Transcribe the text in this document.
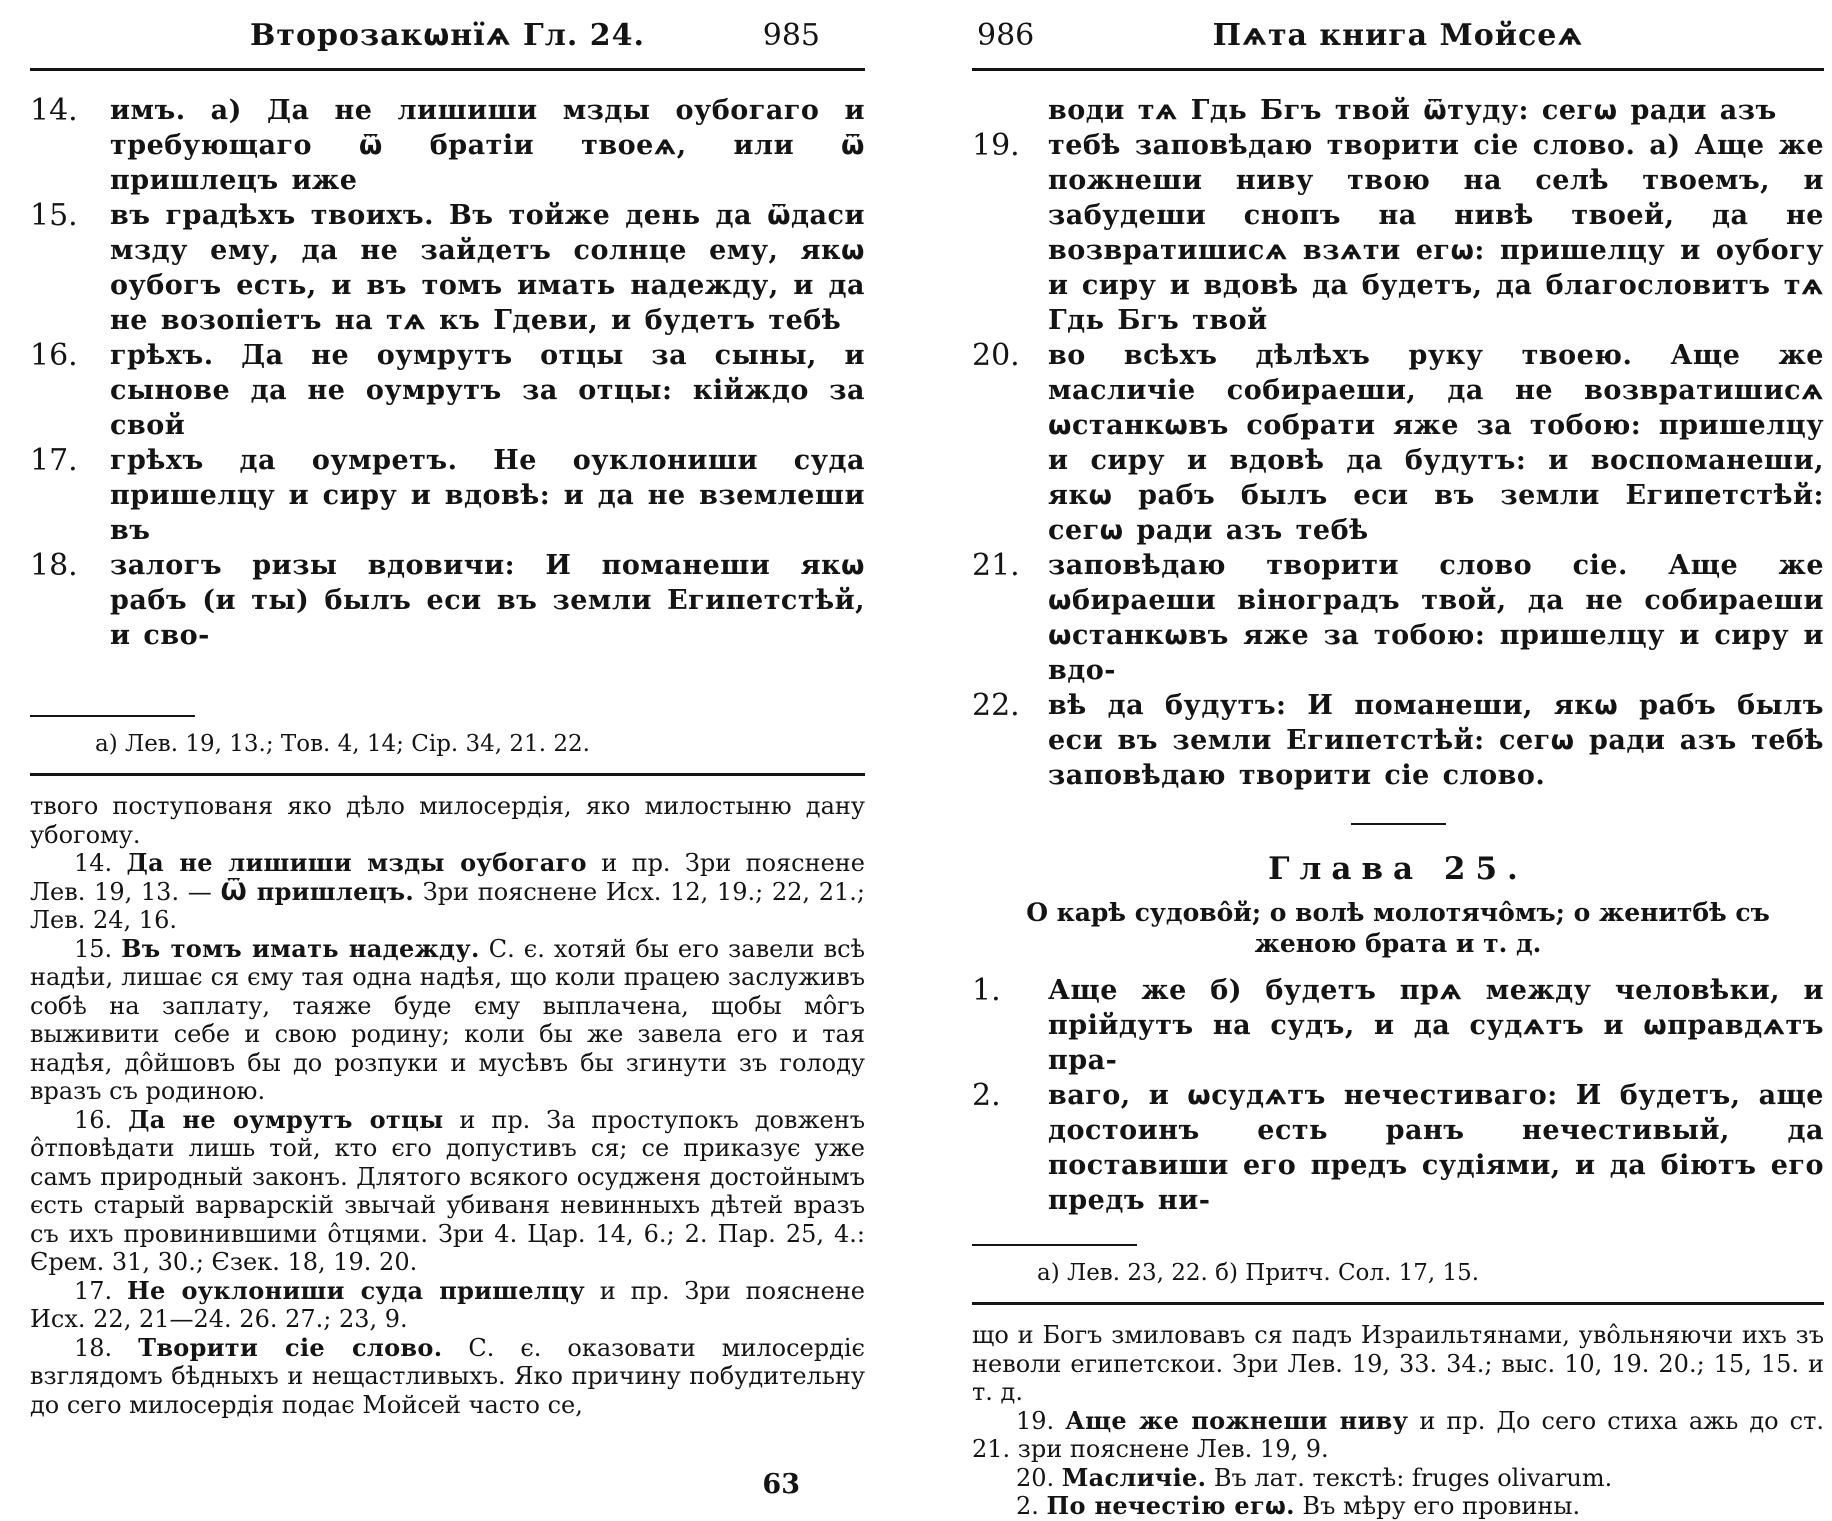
Второзакѡнїѧ Гл. 24.	985
14.	имъ. а) Да не лишиши мзды оубогаго и требующаго ѿ братіи твоеѧ, или ѿ пришлецъ иже
15.	въ градѣхъ твоихъ. Въ тойже день да ѿдаси мзду ему, да не зайдетъ солнце ему, якѡ оубогъ есть, и въ томъ имать надежду, и да не возопіетъ на тѧ къ Гдеви, и будетъ тебѣ
16.	грѣхъ. Да не оумрутъ отцы за сыны, и сынове да не оумрутъ за отцы: кійждо за свой
17.	грѣхъ да оумретъ. Не оуклониши суда пришелцу и сиру и вдовѣ: и да не вземлеши въ
18.	залогъ ризы вдовичи: И поманеши якѡ рабъ (и ты) былъ еси въ земли Египетстѣй, и сво-
а) Лев. 19, 13.; Тов. 4, 14; Сір. 34, 21. 22.

твого поступованя яко дѣло милосердія, яко милостыню дану убогому.

14. Да не лишиши мзды оубогаго и пр. Зри пояснене Лев. 19, 13. — Ѿ пришлецъ. Зри пояснене Исх. 12, 19.; 22, 21.; Лев. 24, 16.

15. Въ томъ имать надежду. С. є. хотяй бы его завели всѣ надѣи, лишає ся єму тая одна надѣя, що коли працею заслуживъ собѣ на заплату, таяже буде єму выплачена, щобы мôгъ выживити себе и свою родину; коли бы же завела его и тая надѣя, дôйшовъ бы до розпуки и мусѣвъ бы згинути зъ голоду вразъ съ родиною.

16. Да не оумрутъ отцы и пр. За проступокъ довженъ ôтповѣдати лишь той, кто єго допустивъ ся; се приказує уже самъ природный законъ. Длятого всякого осудженя достойнымъ єсть старый варварскій звычай убиваня невинныхъ дѣтей вразъ съ ихъ провинившими ôтцями. Зри 4. Цар. 14, 6.; 2. Пар. 25, 4.: Єрем. 31, 30.; Єзек. 18, 19. 20.

17. Не оуклониши суда пришелцу и пр. Зри пояснене Исх. 22, 21—24. 26. 27.; 23, 9.

18. Творити сіе слово. С. є. оказовати милосердіє взглядомъ бѣдныхъ и нещастливыхъ. Яко причину побудительну до сего милосердія подає Мойсей часто се,

63
986	Пѧта книга Мойсеѧ
води тѧ Гдь Бгъ твой ѿтуду: сегѡ ради азъ
19.	тебѣ заповѣдаю творити сіе слово. а) Аще же пожнеши ниву твою на селѣ твоемъ, и забудеши снопъ на нивѣ твоей, да не возвратишисѧ взѧти егѡ: пришелцу и оубогу и сиру и вдовѣ да будетъ, да благословитъ тѧ Гдь Бгъ твой
20.	во всѣхъ дѣлѣхъ руку твоею. Аще же масличіе собираеши, да не возвратишисѧ ѡстанкѡвъ собрати яже за тобою: пришелцу и сиру и вдовѣ да будутъ: и воспоманеши, якѡ рабъ былъ еси въ земли Египетстѣй: сегѡ ради азъ тебѣ
21.	заповѣдаю творити слово сіе. Аще же ѡбираеши віноградъ твой, да не собираеши ѡстанкѡвъ яже за тобою: пришелцу и сиру и вдо-
22.	вѣ да будутъ: И поманеши, якѡ рабъ былъ еси въ земли Египетстѣй: сегѡ ради азъ тебѣ заповѣдаю творити сіе слово.
Глава 25.
О карѣ судовôй; о волѣ молотячôмъ; о женитбѣ съ женою брата и т. д.
1.	Аще же б) будетъ прѧ между человѣки, и прійдутъ на судъ, и да судѧтъ и ѡправдѧтъ пра-
2.	ваго, и ѡсудѧтъ нечестиваго: И будетъ, аще достоинъ есть ранъ нечестивый, да поставиши его предъ судіями, и да біютъ его предъ ни-
а) Лев. 23, 22. б) Притч. Сол. 17, 15.

що и Богъ змиловавъ ся падъ Израильтянами, увôльняючи ихъ зъ неволи египетскои. Зри Лев. 19, 33. 34.; выс. 10, 19. 20.; 15, 15. и т. д.

19. Аще же пожнеши ниву и пр. До сего стиха ажь до ст. 21. зри пояснене Лев. 19, 9.

20. Масличіе. Въ лат. текстѣ: fruges olivarum.

2. По нечестію егѡ. Въ мѣру его провины.
